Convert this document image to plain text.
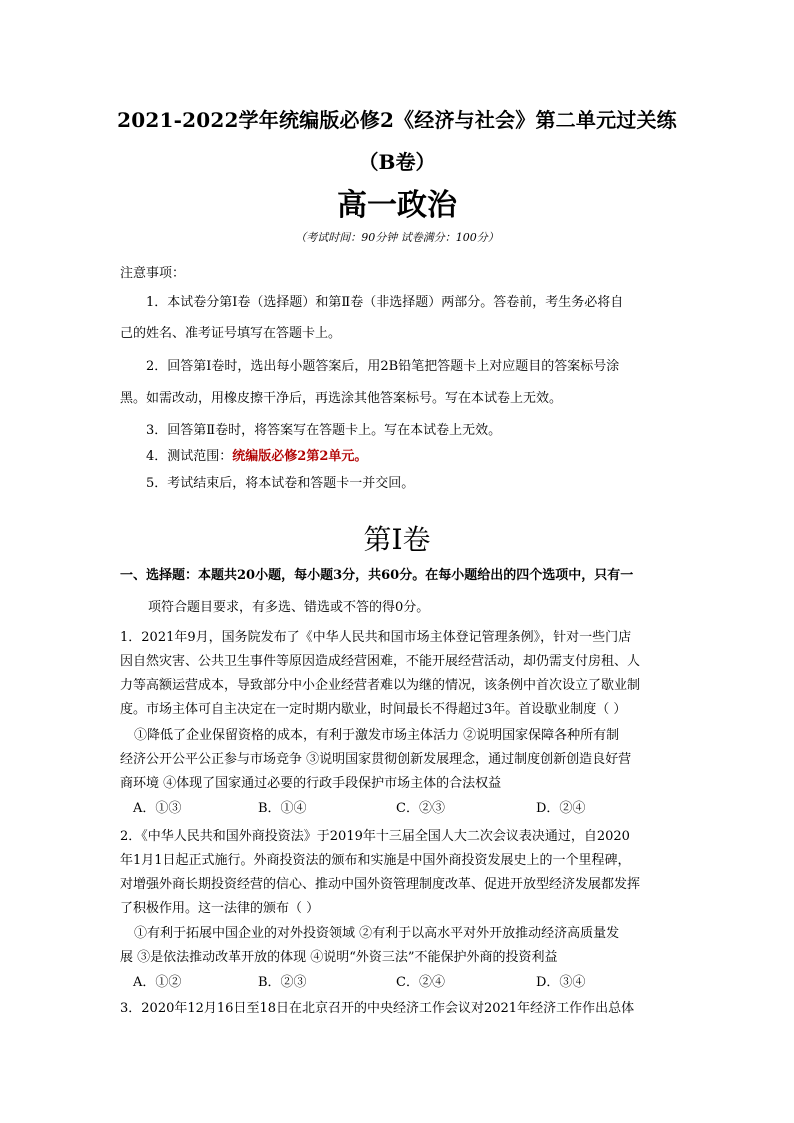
2021-2022学年统编版必修2《经济与社会》第二单元过关练
（B卷）
高一政治
（考试时间：90分钟 试卷满分：100分）
注意事项：
1．本试卷分第Ⅰ卷（选择题）和第Ⅱ卷（非选择题）两部分。答卷前，考生务必将自
己的姓名、准考证号填写在答题卡上。
2．回答第Ⅰ卷时，选出每小题答案后，用2B铅笔把答题卡上对应题目的答案标号涂
黑。如需改动，用橡皮擦干净后，再选涂其他答案标号。写在本试卷上无效。
3．回答第Ⅱ卷时，将答案写在答题卡上。写在本试卷上无效。
4．测试范围：统编版必修2第2单元。
5．考试结束后，将本试卷和答题卡一并交回。
第Ⅰ卷
一、选择题：本题共20小题，每小题3分，共60分。在每小题给出的四个选项中，只有一
项符合题目要求，有多选、错选或不答的得0分。
1．2021年9月，国务院发布了《中华人民共和国市场主体登记管理条例》，针对一些门店
因自然灾害、公共卫生事件等原因造成经营困难，不能开展经营活动，却仍需支付房租、人
力等高额运营成本，导致部分中小企业经营者难以为继的情况，该条例中首次设立了歇业制
度。市场主体可自主决定在一定时期内歇业，时间最长不得超过3年。首设歇业制度（ ）
①降低了企业保留资格的成本，有利于激发市场主体活力 ②说明国家保障各种所有制
经济公开公平公正参与市场竞争 ③说明国家贯彻创新发展理念，通过制度创新创造良好营
商环境 ④体现了国家通过必要的行政手段保护市场主体的合法权益
A．①③	B．①④	C．②③	D．②④
2．《中华人民共和国外商投资法》于2019年十三届全国人大二次会议表决通过，自2020
年1月1日起正式施行。外商投资法的颁布和实施是中国外商投资发展史上的一个里程碑，
对增强外商长期投资经营的信心、推动中国外资管理制度改革、促进开放型经济发展都发挥
了积极作用。这一法律的颁布（ ）
①有利于拓展中国企业的对外投资领域 ②有利于以高水平对外开放推动经济高质量发
展 ③是依法推动改革开放的体现 ④说明“外资三法”不能保护外商的投资利益
A．①②	B．②③	C．②④	D．③④
3．2020年12月16日至18日在北京召开的中央经济工作会议对2021年经济工作作出总体
